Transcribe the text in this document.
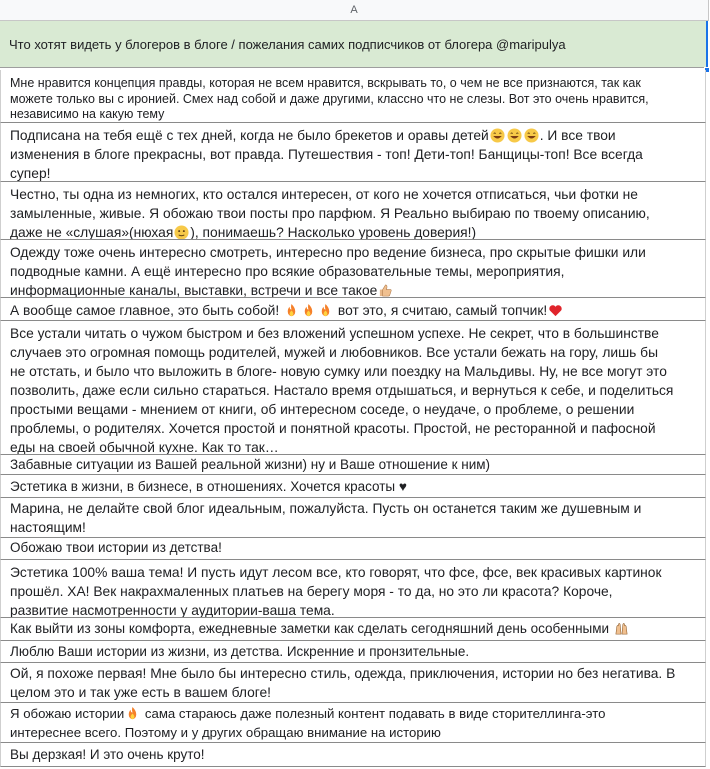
A
Что хотят видеть у блогеров в блоге / пожелания самих подписчиков от блогера @maripulya
Мне нравится концепция правды, которая не всем нравится, вскрывать то, о чем не все признаются, так как
можете только вы с иронией. Смех над собой и даже другими, классно что не слезы. Вот это очень нравится,
независимо на какую тему
Подписана на тебя ещё с тех дней, когда не было брекетов и оравы детей	. И все твои
изменения в блоге прекрасны, вот правда. Путешествия - топ! Дети-топ! Банщицы-топ! Все всегда
супер!
Честно, ты одна из немногих, кто остался интересен, от кого не хочется отписаться, чьи фотки не
замыленные, живые. Я обожаю твои посты про парфюм. Я Реально выбираю по твоему описанию,
даже не «слушая»(нюхая ), понимаешь? Насколько уровень доверия!)
Одежду тоже очень интересно смотреть, интересно про ведение бизнеса, про скрытые фишки или
подводные камни. А ещё интересно про всякие образовательные темы, мероприятия,
информационные каналы, выставки, встречи и все такое
А вообще самое главное, это быть собой!	вот это, я считаю, самый топчик!
Все устали читать о чужом быстром и без вложений успешном успехе. Не секрет, что в большинстве
случаев это огромная помощь родителей, мужей и любовников. Все устали бежать на гору, лишь бы
не отстать, и было что выложить в блоге- новую сумку или поездку на Мальдивы. Ну, не все могут это
позволить, даже если сильно стараться. Настало время отдышаться, и вернуться к себе, и поделиться
простыми вещами - мнением от книги, об интересном соседе, о неудаче, о проблеме, о решении
проблемы, о родителях. Хочется простой и понятной красоты. Простой, не ресторанной и пафосной
еды на своей обычной кухне. Как то так…
Забавные ситуации из Вашей реальной жизни) ну и Ваше отношение к ним)
Эстетика в жизни, в бизнесе, в отношениях. Хочется красоты ♥
Марина, не делайте свой блог идеальным, пожалуйста. Пусть он останется таким же душевным и
настоящим!
Обожаю твои истории из детства!
Эстетика 100% ваша тема! И пусть идут лесом все, кто говорят, что фсе, фсе, век красивых картинок
прошёл. ХА! Век накрахмаленных платьев на берегу моря - то да, но это ли красота? Короче,
развитие насмотренности у аудитории-ваша тема.
Как выйти из зоны комфорта, ежедневные заметки как сделать сегодняшний день особенными
Люблю Ваши истории из жизни, из детства. Искренние и пронзительные.
Ой, я похоже первая! Мне было бы интересно стиль, одежда, приключения, истории но без негатива. В
целом это и так уже есть в вашем блоге!
Я обожаю истории сама стараюсь даже полезный контент подавать в виде сторителлинга-это
интереснее всего. Поэтому и у других обращаю внимание на историю
Вы дерзкая! И это очень круто!
